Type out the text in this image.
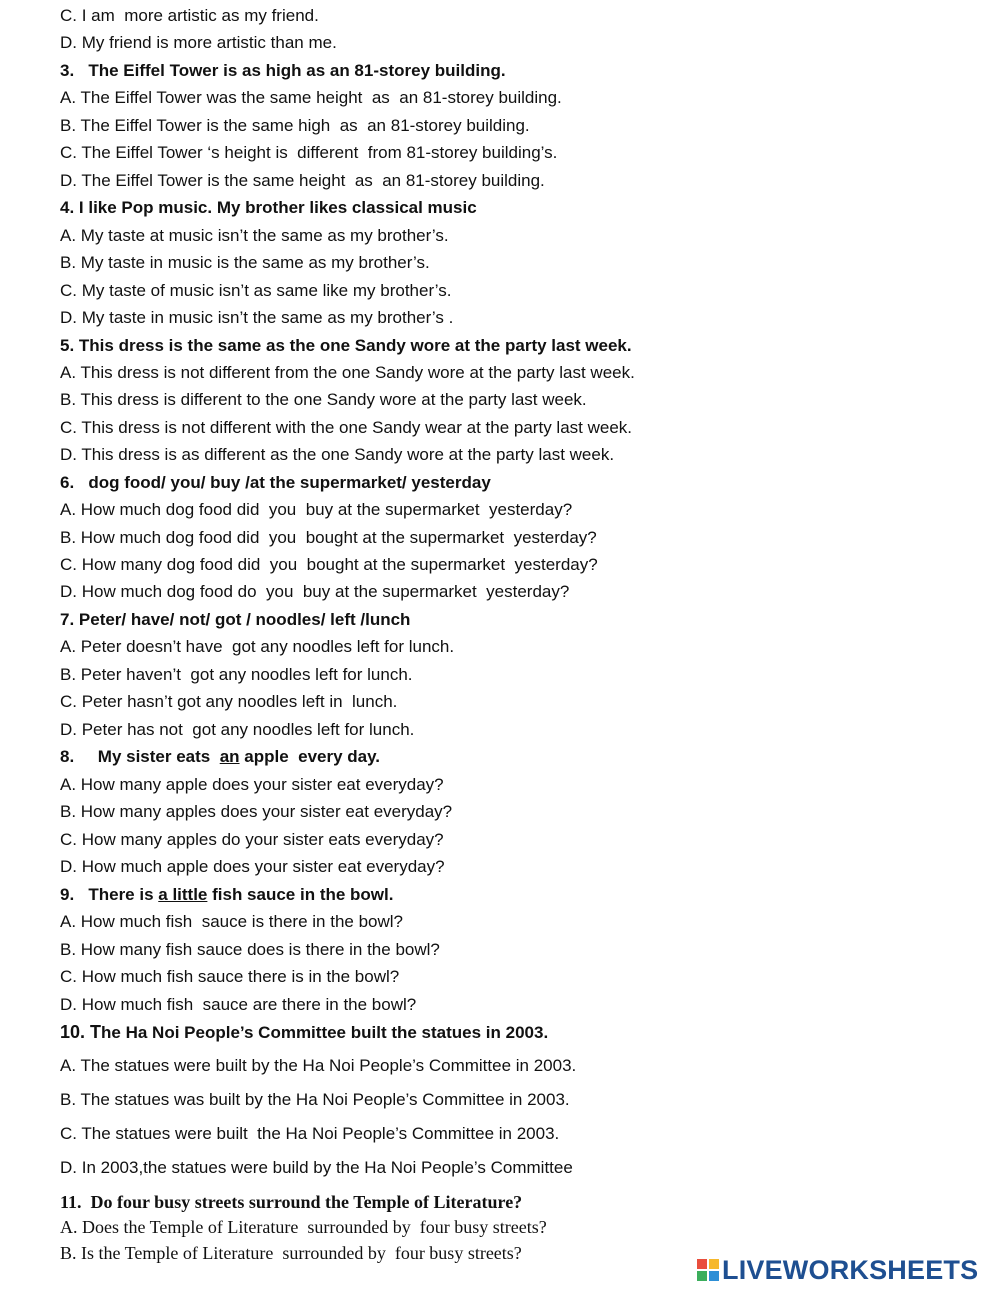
C. I am  more artistic as my friend.

D. My friend is more artistic than me.

3.   The Eiffel Tower is as high as an 81-storey building.

A. The Eiffel Tower was the same height  as  an 81-storey building.

B. The Eiffel Tower is the same high  as  an 81-storey building.

C. The Eiffel Tower ‘s height is  different  from 81-storey building’s.

D. The Eiffel Tower is the same height  as  an 81-storey building.

4. I like Pop music. My brother likes classical music

A. My taste at music isn’t the same as my brother’s.

B. My taste in music is the same as my brother’s.

C. My taste of music isn’t as same like my brother’s.

D. My taste in music isn’t the same as my brother’s .

5. This dress is the same as the one Sandy wore at the party last week.

A. This dress is not different from the one Sandy wore at the party last week.

B. This dress is different to the one Sandy wore at the party last week.

C. This dress is not different with the one Sandy wear at the party last week.

D. This dress is as different as the one Sandy wore at the party last week.

6.   dog food/ you/ buy /at the supermarket/ yesterday

A. How much dog food did  you  buy at the supermarket  yesterday?

B. How much dog food did  you  bought at the supermarket  yesterday?

C. How many dog food did  you  bought at the supermarket  yesterday?

D. How much dog food do  you  buy at the supermarket  yesterday?

7. Peter/ have/ not/ got / noodles/ left /lunch

A. Peter doesn’t have  got any noodles left for lunch.

B. Peter haven’t  got any noodles left for lunch.

C. Peter hasn’t got any noodles left in  lunch.

D. Peter has not  got any noodles left for lunch.

8.     My sister eats  an apple  every day.

A. How many apple does your sister eat everyday?

B. How many apples does your sister eat everyday?

C. How many apples do your sister eats everyday?

D. How much apple does your sister eat everyday?

9.   There is a little fish sauce in the bowl.

A. How much fish  sauce is there in the bowl?

B. How many fish sauce does is there in the bowl?

C. How much fish sauce there is in the bowl?

D. How much fish  sauce are there in the bowl?

10. The Ha Noi People’s Committee built the statues in 2003.

A. The statues were built by the Ha Noi People’s Committee in 2003.

B. The statues was built by the Ha Noi People’s Committee in 2003.

C. The statues were built  the Ha Noi People’s Committee in 2003.

D. In 2003,the statues were build by the Ha Noi People’s Committee

11.  Do four busy streets surround the Temple of Literature?

A. Does the Temple of Literature  surrounded by  four busy streets?

B. Is the Temple of Literature  surrounded by  four busy streets?

LIVEWORKSHEETS
